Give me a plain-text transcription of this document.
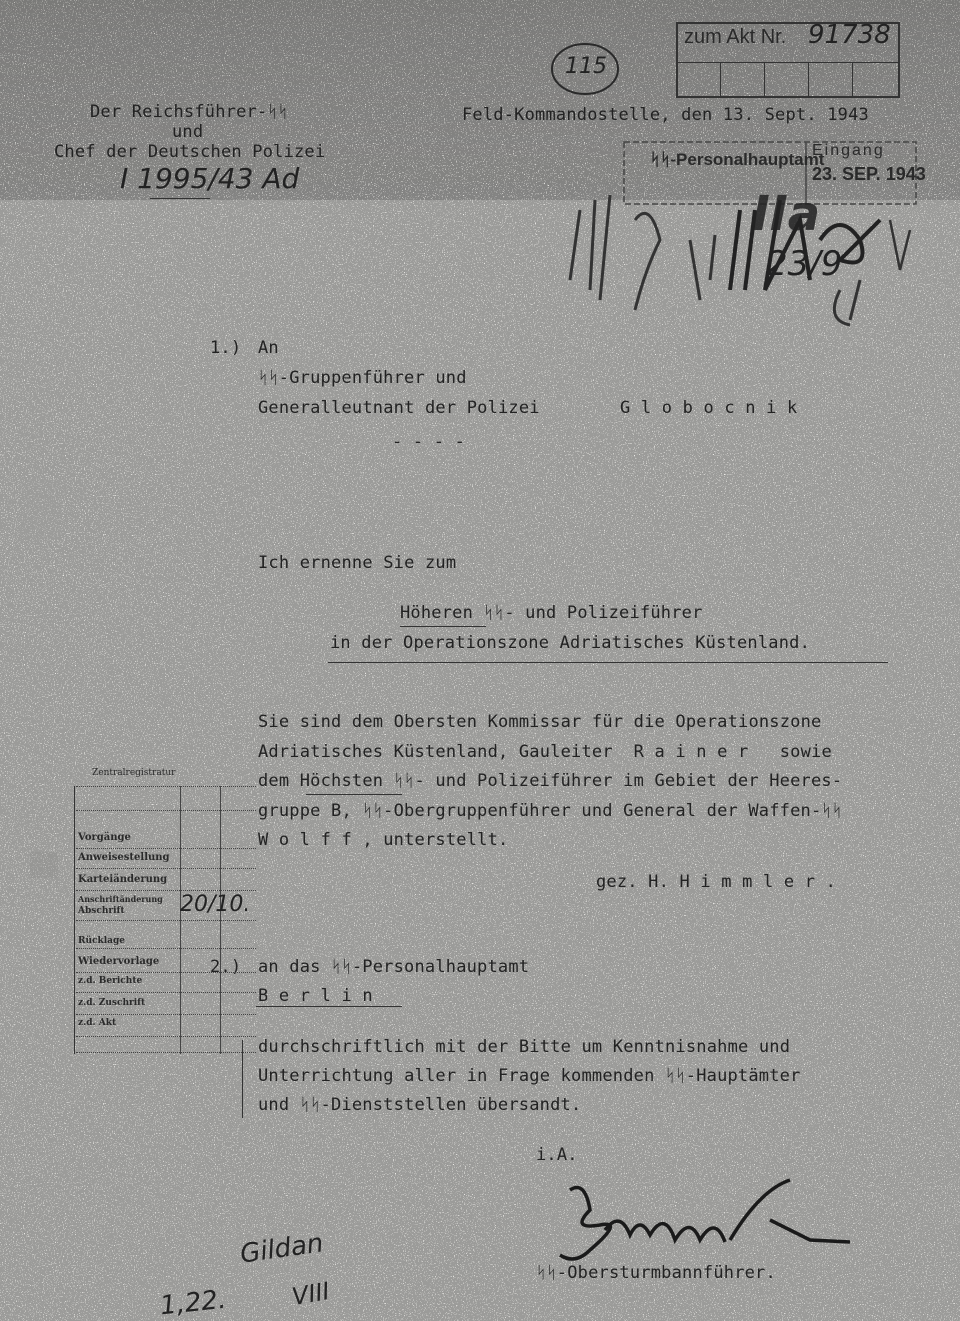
Der Reichsführer-ᛋᛋ
und
Chef der Deutschen Polizei
I 1995/43 Ad
Feld-Kommandostelle, den 13. Sept. 1943
115
zum Akt Nr. 91738
ᛋᛋ-Personalhauptamt
Eingang
23. SEP. 1943
IIa
23/9
1.) An
ᛋᛋ-Gruppenführer und
Generalleutnant der Polizei	G l o b o c n i k
- - - -
Ich ernenne Sie zum
Höheren ᛋᛋ- und Polizeiführer
in der Operationszone Adriatisches Küstenland.
Sie sind dem Obersten Kommissar für die Operationszone
Adriatisches Küstenland, Gauleiter  R a i n e r   sowie
dem Höchsten ᛋᛋ- und Polizeiführer im Gebiet der Heeres-
gruppe B, ᛋᛋ-Obergruppenführer und General der Waffen-ᛋᛋ
W o l f f , unterstellt.
gez. H. H i m m l e r .
2.) an das ᛋᛋ-Personalhauptamt
B e r l i n
durchschriftlich mit der Bitte um Kenntnisnahme und
Unterrichtung aller in Frage kommenden ᛋᛋ-Hauptämter
und ᛋᛋ-Dienststellen übersandt.
i.A.
ᛋᛋ-Obersturmbannführer.
Zentralregistratur
Vorgänge
Anweisestellung
Karteiänderung
Anschriftänderung
Abschrift
Rücklage
Wiedervorlage
z.d. Berichte
z.d. Zuschrift
z.d. Akt
20/10.
Gildan
1,22.	VIII
